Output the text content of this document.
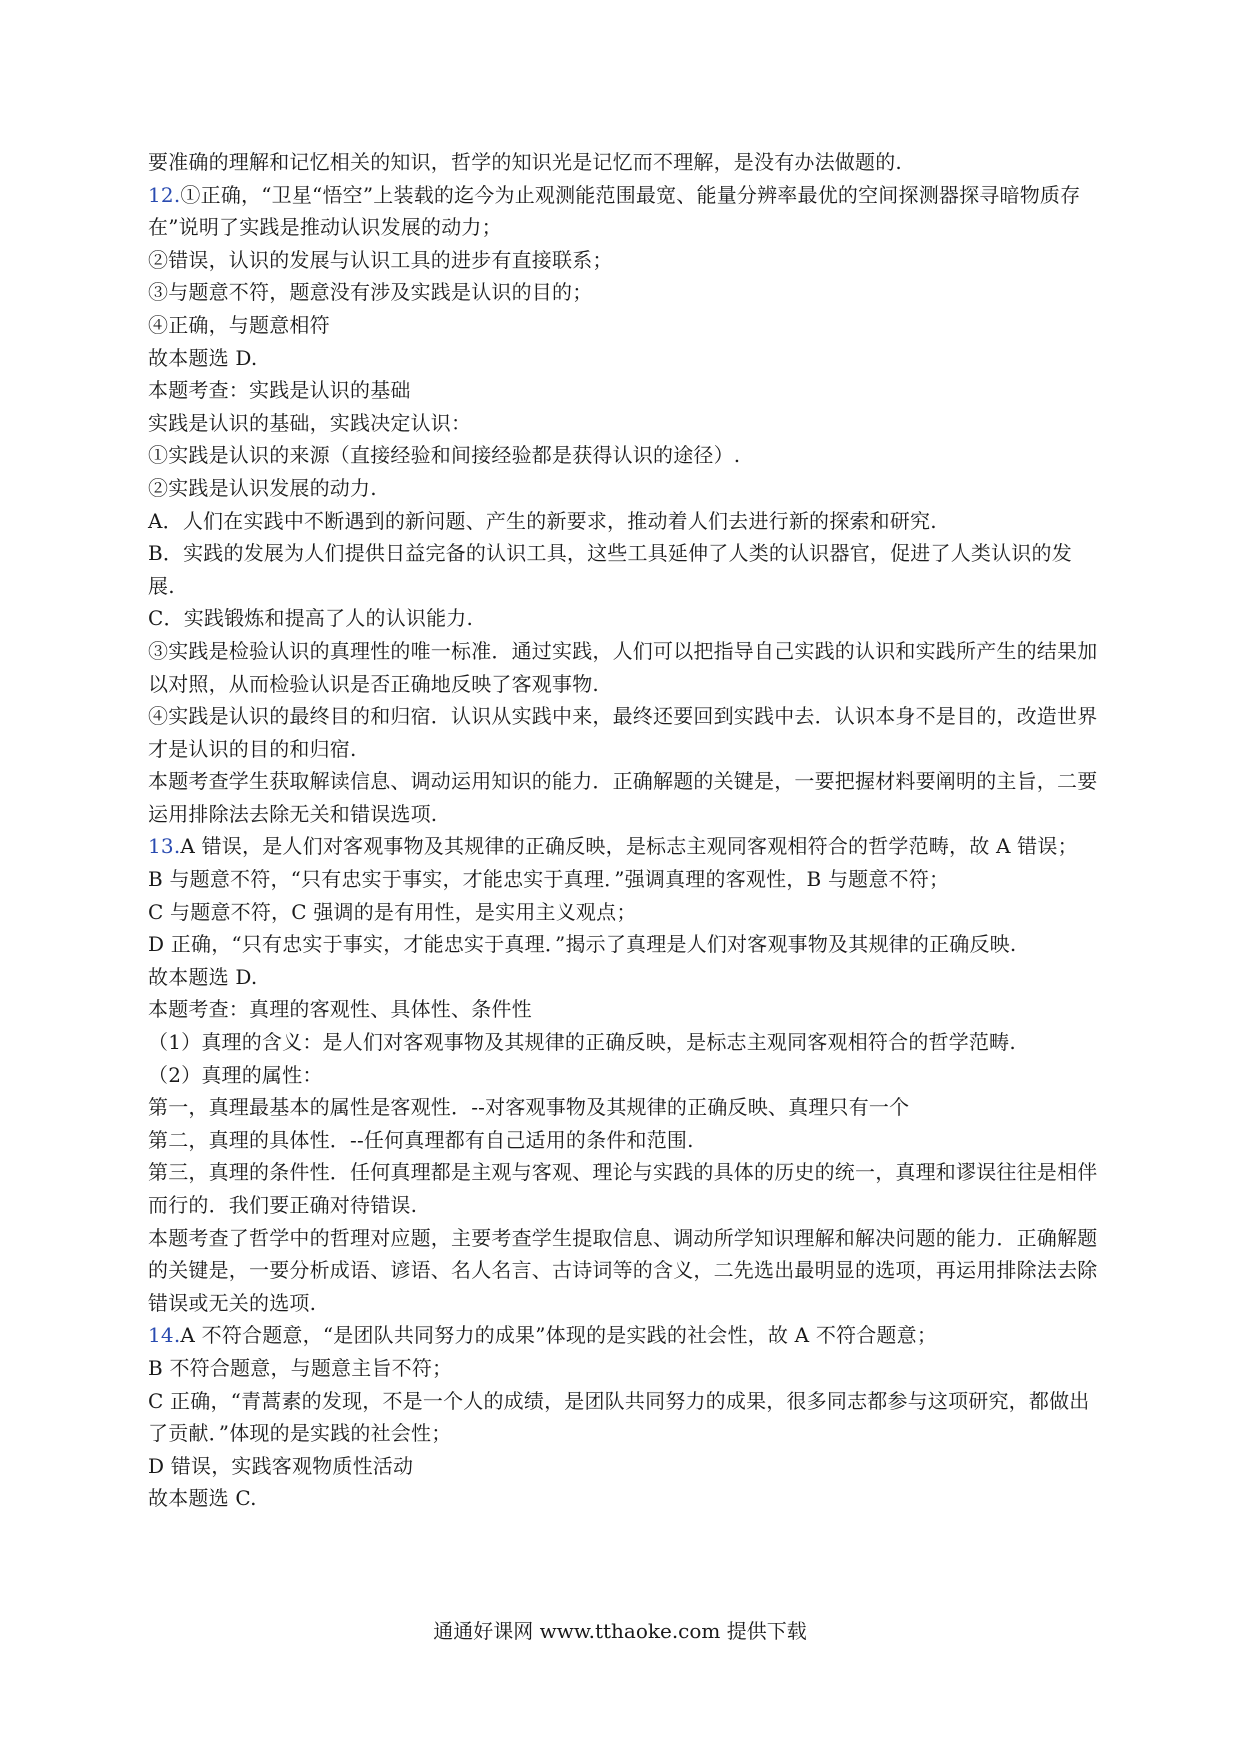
要准确的理解和记忆相关的知识，哲学的知识光是记忆而不理解，是没有办法做题的.

12.①正确，“卫星“悟空”上装载的迄今为止观测能范围最宽、能量分辨率最优的空间探测器探寻暗物质存在”说明了实践是推动认识发展的动力；

②错误，认识的发展与认识工具的进步有直接联系；

③与题意不符，题意没有涉及实践是认识的目的；

④正确，与题意相符

故本题选 D.

本题考查：实践是认识的基础

实践是认识的基础，实践决定认识：

①实践是认识的来源（直接经验和间接经验都是获得认识的途径）.

②实践是认识发展的动力.

A．人们在实践中不断遇到的新问题、产生的新要求，推动着人们去进行新的探索和研究.

B．实践的发展为人们提供日益完备的认识工具，这些工具延伸了人类的认识器官，促进了人类认识的发展.

C．实践锻炼和提高了人的认识能力.

③实践是检验认识的真理性的唯一标准．通过实践，人们可以把指导自己实践的认识和实践所产生的结果加以对照，从而检验认识是否正确地反映了客观事物.

④实践是认识的最终目的和归宿．认识从实践中来，最终还要回到实践中去．认识本身不是目的，改造世界才是认识的目的和归宿.

本题考查学生获取解读信息、调动运用知识的能力．正确解题的关键是，一要把握材料要阐明的主旨，二要运用排除法去除无关和错误选项.

13.A 错误，是人们对客观事物及其规律的正确反映，是标志主观同客观相符合的哲学范畴，故 A 错误；

B 与题意不符，“只有忠实于事实，才能忠实于真理．”强调真理的客观性，B 与题意不符；

C 与题意不符，C 强调的是有用性，是实用主义观点；

D 正确，“只有忠实于事实，才能忠实于真理．”揭示了真理是人们对客观事物及其规律的正确反映.

故本题选 D.

本题考查：真理的客观性、具体性、条件性

（1）真理的含义：是人们对客观事物及其规律的正确反映，是标志主观同客观相符合的哲学范畴.

（2）真理的属性：

第一，真理最基本的属性是客观性．--对客观事物及其规律的正确反映、真理只有一个

第二，真理的具体性．--任何真理都有自己适用的条件和范围.

第三，真理的条件性．任何真理都是主观与客观、理论与实践的具体的历史的统一，真理和谬误往往是相伴而行的．我们要正确对待错误.

本题考查了哲学中的哲理对应题，主要考查学生提取信息、调动所学知识理解和解决问题的能力．正确解题的关键是，一要分析成语、谚语、名人名言、古诗词等的含义，二先选出最明显的选项，再运用排除法去除错误或无关的选项.

14.A 不符合题意，“是团队共同努力的成果”体现的是实践的社会性，故 A 不符合题意；

B 不符合题意，与题意主旨不符；

C 正确，“青蒿素的发现，不是一个人的成绩，是团队共同努力的成果，很多同志都参与这项研究，都做出了贡献．”体现的是实践的社会性；

D 错误，实践客观物质性活动

故本题选 C.

通通好课网 www.tthaoke.com 提供下载
